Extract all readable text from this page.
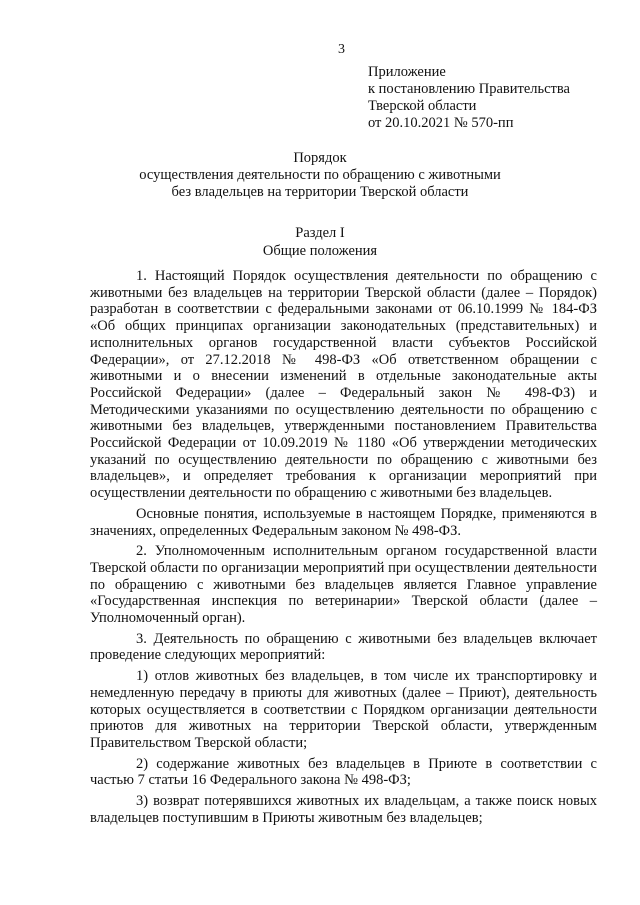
3
Приложение
к постановлению Правительства
Тверской области
от 20.10.2021 № 570-пп
Порядок
осуществления деятельности по обращению с животными
без владельцев на территории Тверской области
Раздел I
Общие положения

1. Настоящий Порядок осуществления деятельности по обращению с животными без владельцев на территории Тверской области (далее – Порядок) разработан в соответствии с федеральными законами от 06.10.1999 № 184-ФЗ «Об общих принципах организации законодательных (представительных) и исполнительных органов государственной власти субъектов Российской Федерации», от 27.12.2018 № 498-ФЗ «Об ответственном обращении с животными и о внесении изменений в отдельные законодательные акты Российской Федерации» (далее – Федеральный закон № 498-ФЗ) и Методическими указаниями по осуществлению деятельности по обращению с животными без владельцев, утвержденными постановлением Правительства Российской Федерации от 10.09.2019 № 1180 «Об утверждении методических указаний по осуществлению деятельности по обращению с животными без владельцев», и определяет требования к организации мероприятий при осуществлении деятельности по обращению с животными без владельцев.

Основные понятия, используемые в настоящем Порядке, применяются в значениях, определенных Федеральным законом № 498-ФЗ.

2. Уполномоченным исполнительным органом государственной власти Тверской области по организации мероприятий при осуществлении деятельности по обращению с животными без владельцев является Главное управление «Государственная инспекция по ветеринарии» Тверской области (далее – Уполномоченный орган).

3. Деятельность по обращению с животными без владельцев включает проведение следующих мероприятий:

1) отлов животных без владельцев, в том числе их транспортировку и немедленную передачу в приюты для животных (далее – Приют), деятельность которых осуществляется в соответствии с Порядком организации деятельности приютов для животных на территории Тверской области, утвержденным Правительством Тверской области;

2) содержание животных без владельцев в Приюте в соответствии с частью 7 статьи 16 Федерального закона № 498-ФЗ;

3) возврат потерявшихся животных их владельцам, а также поиск новых владельцев поступившим в Приюты животным без владельцев;
